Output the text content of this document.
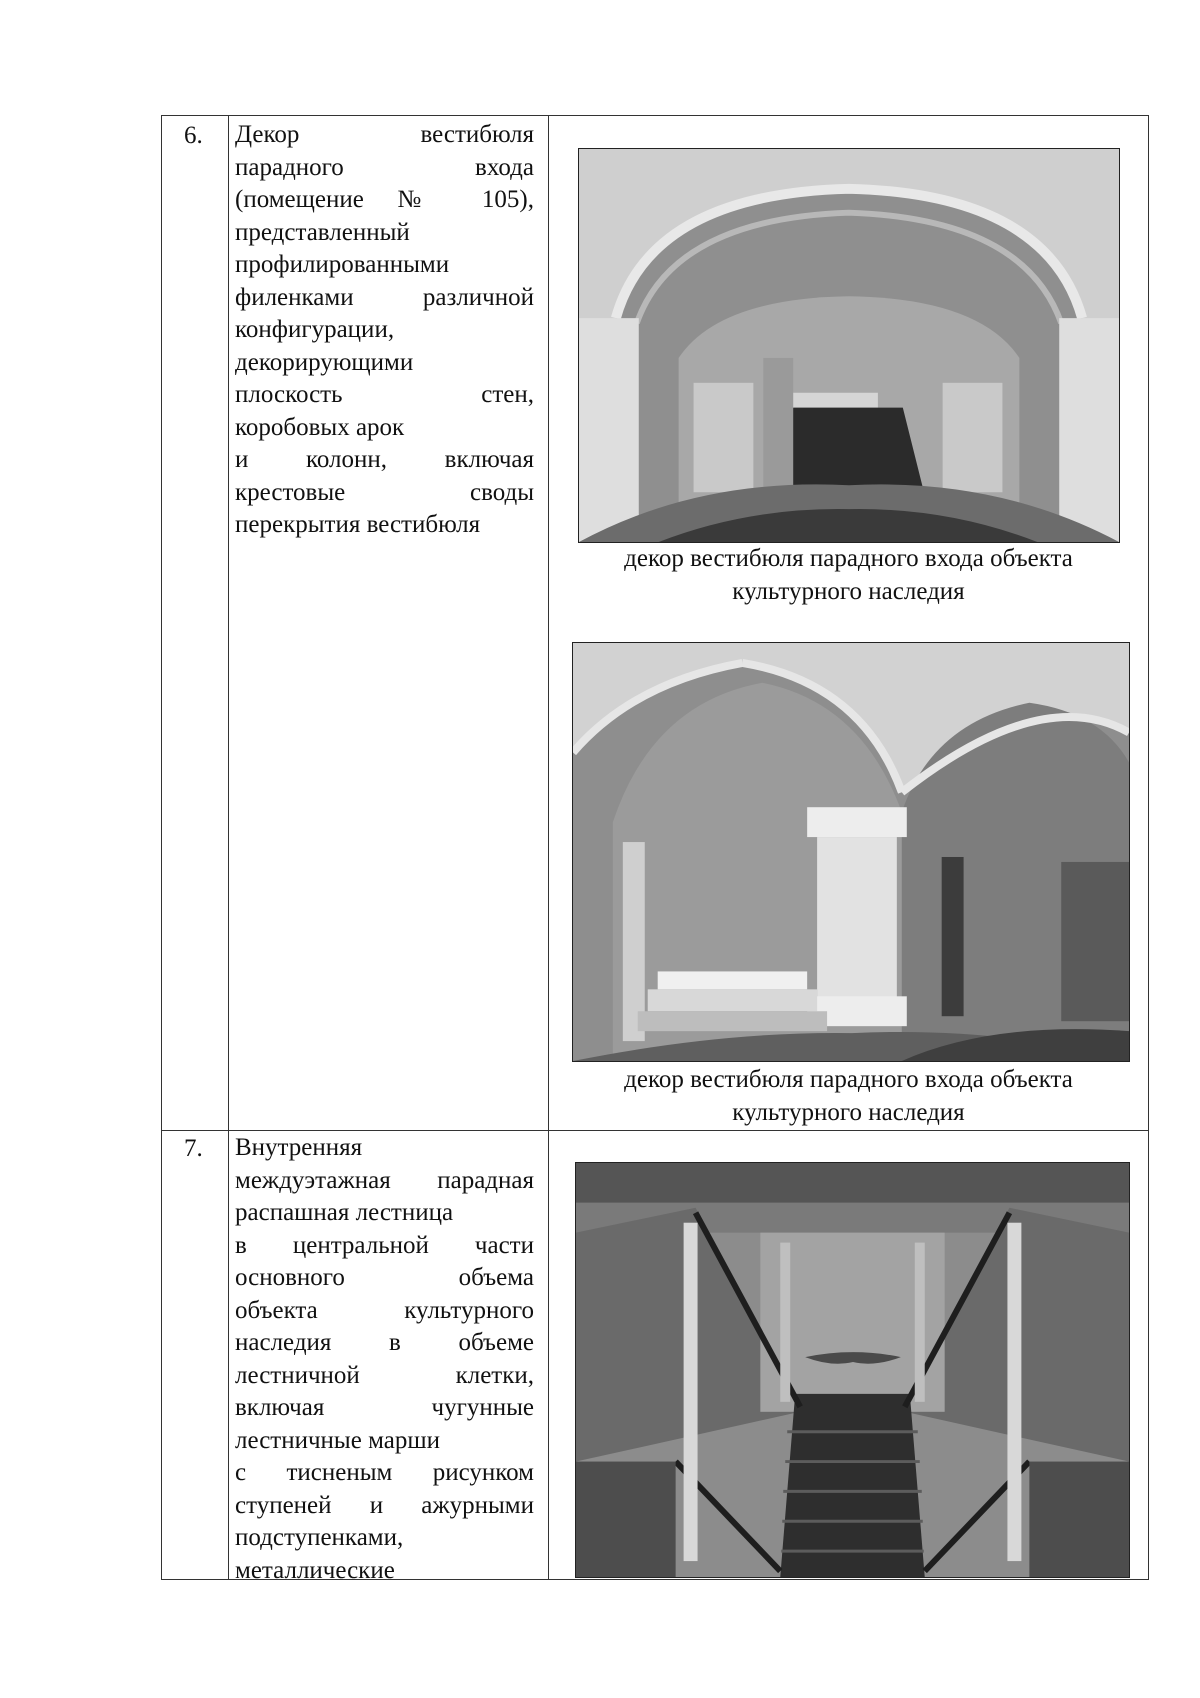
6. Декор вестибюля
парадного входа
(помещение № 105),
представленный
профилированными
филенками различной
конфигурации,
декорирующими
плоскость стен,
коробовых арок
и колонн, включая
крестовые своды
перекрытия вестибюля
декор вестибюля парадного входа объекта
культурного наследия
декор вестибюля парадного входа объекта
культурного наследия
7. Внутренняя
междуэтажная парадная
распашная лестница
в центральной части
основного объема
объекта культурного
наследия в объеме
лестничной клетки,
включая чугунные
лестничные марши
с тисненым рисунком
ступеней и ажурными
подступенками,
металлические
